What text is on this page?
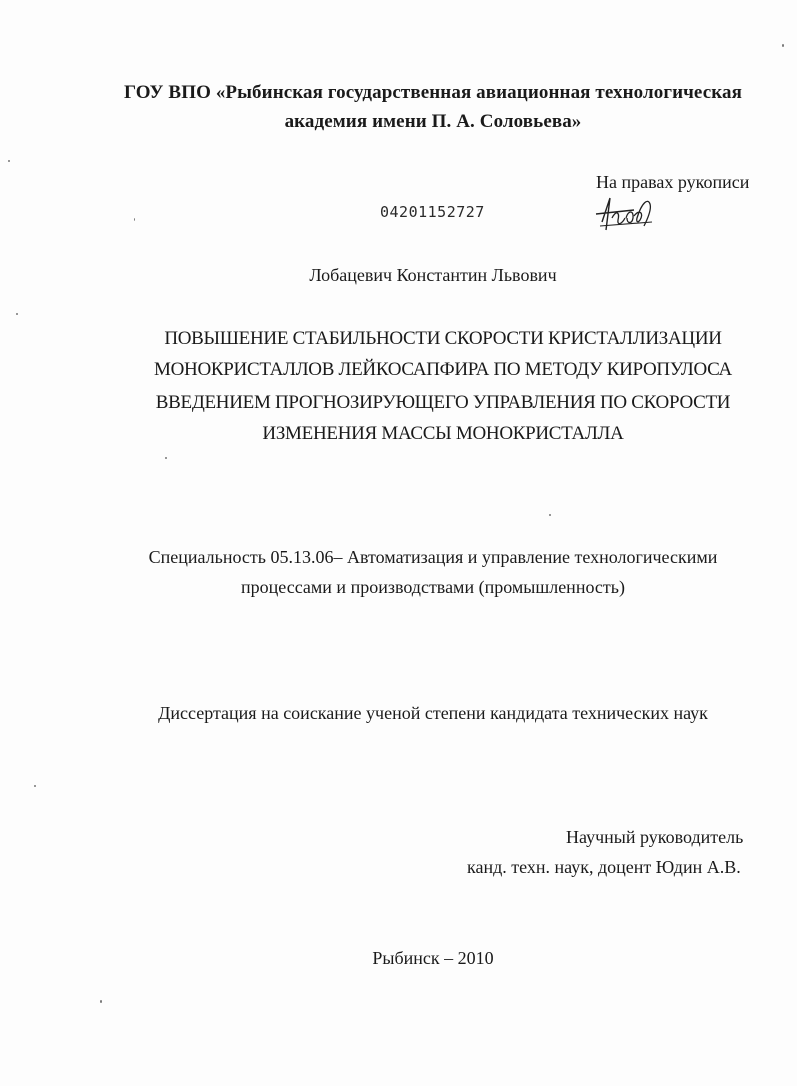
ГОУ ВПО «Рыбинская государственная авиационная технологическая
академия имени П. А. Соловьева»
На правах рукописи
04201152727
Лобацевич Константин Львович
ПОВЫШЕНИЕ СТАБИЛЬНОСТИ СКОРОСТИ КРИСТАЛЛИЗАЦИИ
МОНОКРИСТАЛЛОВ ЛЕЙКОСАПФИРА ПО МЕТОДУ КИРОПУЛОСА
ВВЕДЕНИЕМ ПРОГНОЗИРУЮЩЕГО УПРАВЛЕНИЯ ПО СКОРОСТИ
ИЗМЕНЕНИЯ МАССЫ МОНОКРИСТАЛЛА
Специальность 05.13.06– Автоматизация и управление технологическими
процессами и производствами (промышленность)
Диссертация на соискание ученой степени кандидата технических наук
Научный руководитель
канд. техн. наук, доцент Юдин А.В.
Рыбинск – 2010
